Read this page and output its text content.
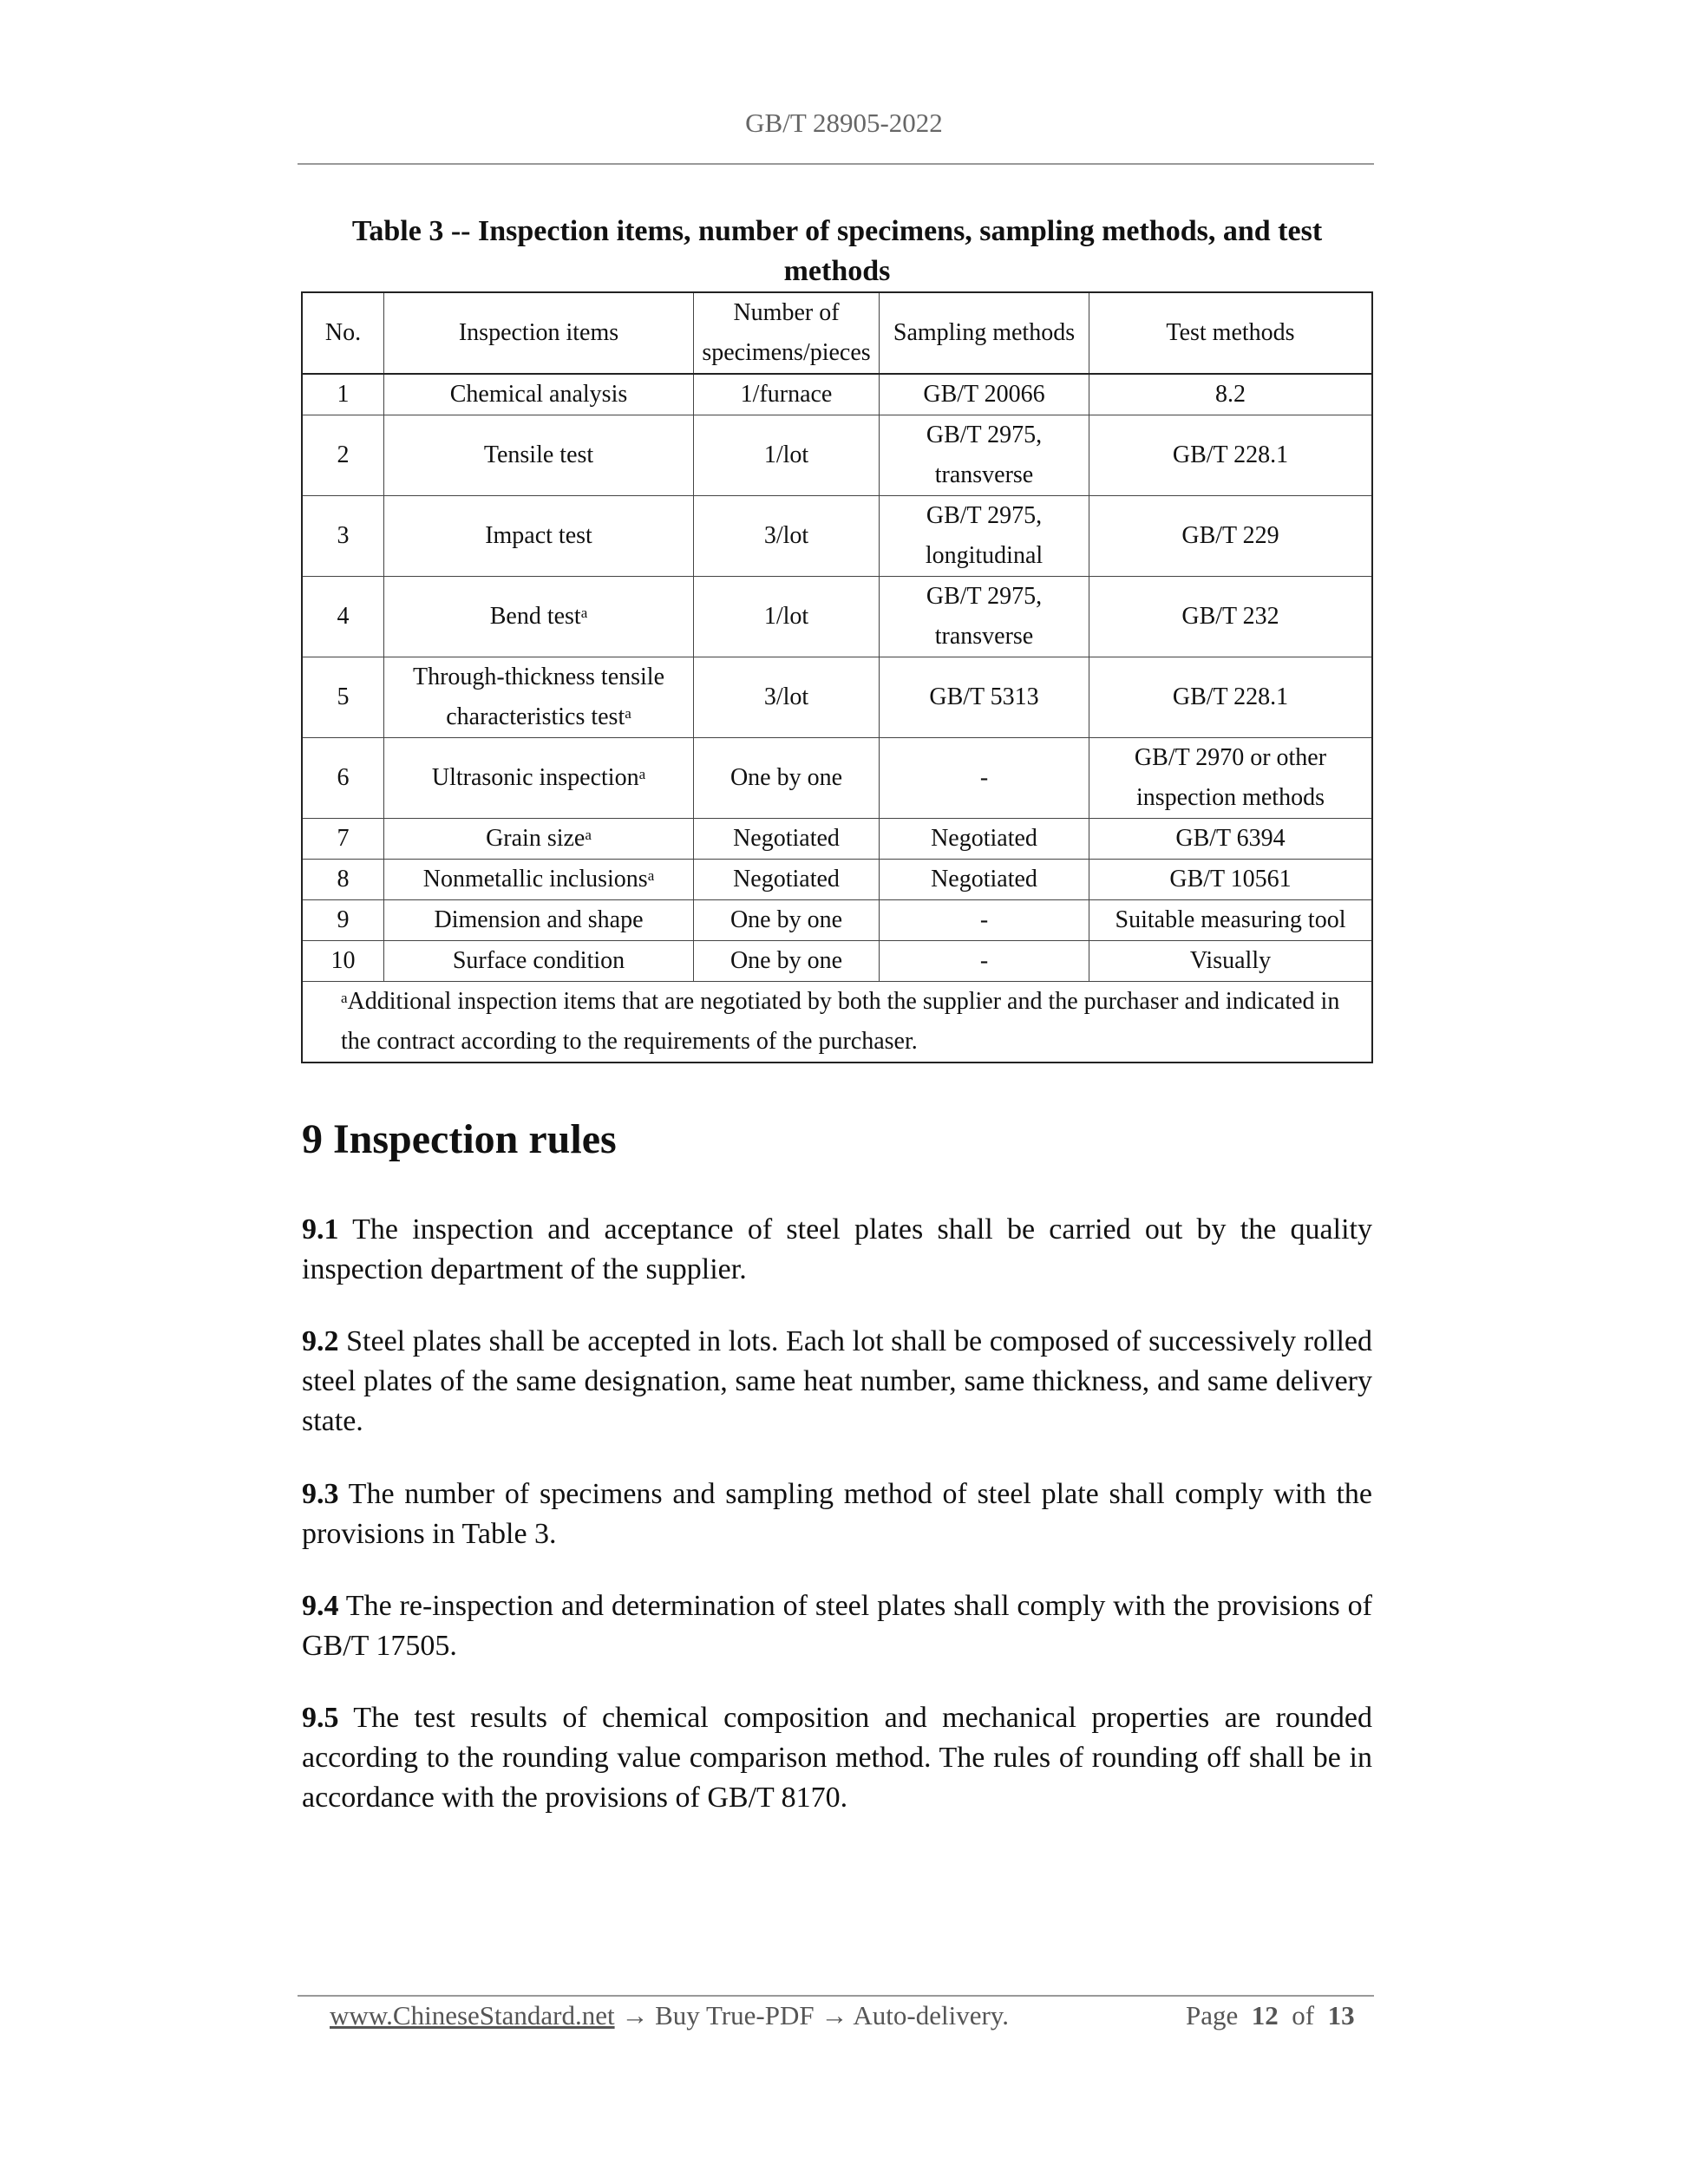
GB/T 28905-2022
Table 3 -- Inspection items, number of specimens, sampling methods, and test methods
No.	Inspection items	Number of specimens/pieces	Sampling methods	Test methods
1	Chemical analysis	1/furnace	GB/T 20066	8.2
2	Tensile test	1/lot	GB/T 2975, transverse	GB/T 228.1
3	Impact test	3/lot	GB/T 2975, longitudinal	GB/T 229
4	Bend test$^a$	1/lot	GB/T 2975, transverse	GB/T 232
5	Through-thickness tensile characteristics test$^a$	3/lot	GB/T 5313	GB/T 228.1
6	Ultrasonic inspection$^a$	One by one	-	GB/T 2970 or other inspection methods
7	Grain size$^a$	Negotiated	Negotiated	GB/T 6394
8	Nonmetallic inclusions$^a$	Negotiated	Negotiated	GB/T 10561
9	Dimension and shape	One by one	-	Suitable measuring tool
10	Surface condition	One by one	-	Visually
$^a$Additional inspection items that are negotiated by both the supplier and the purchaser and indicated in the contract according to the requirements of the purchaser.				
9 Inspection rules
9.1 The inspection and acceptance of steel plates shall be carried out by the quality inspection department of the supplier.
9.2 Steel plates shall be accepted in lots. Each lot shall be composed of successively rolled steel plates of the same designation, same heat number, same thickness, and same delivery state.
9.3 The number of specimens and sampling method of steel plate shall comply with the provisions in Table 3.
9.4 The re-inspection and determination of steel plates shall comply with the provisions of GB/T 17505.
9.5 The test results of chemical composition and mechanical properties are rounded according to the rounding value comparison method. The rules of rounding off shall be in accordance with the provisions of GB/T 8170.
www.ChineseStandard.net → Buy True-PDF → Auto-delivery.	Page 12 of 13
